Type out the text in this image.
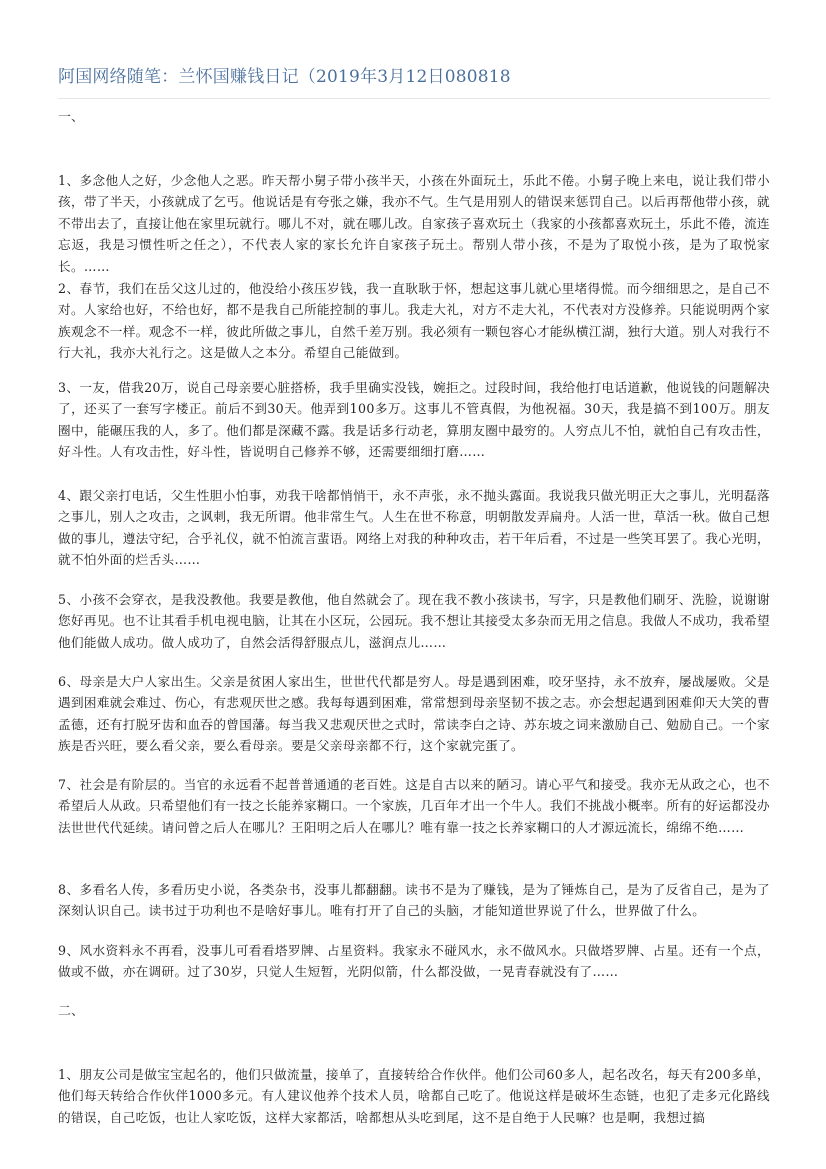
阿国网络随笔：兰怀国赚钱日记（2019年3月12日080818
一、

1、多念他人之好，少念他人之恶。昨天帮小舅子带小孩半天，小孩在外面玩土，乐此不倦。小舅子晚上来电，说让我们带小孩，带了半天，小孩就成了乞丐。他说话是有夸张之嫌，我亦不气。生气是用别人的错误来惩罚自己。以后再帮他带小孩，就不带出去了，直接让他在家里玩就行。哪儿不对，就在哪儿改。自家孩子喜欢玩土（我家的小孩都喜欢玩土，乐此不倦，流连忘返，我是习惯性听之任之），不代表人家的家长允许自家孩子玩土。帮别人带小孩，不是为了取悦小孩，是为了取悦家长。……

2、春节，我们在岳父这儿过的，他没给小孩压岁钱，我一直耿耿于怀，想起这事儿就心里堵得慌。而今细细思之，是自己不对。人家给也好，不给也好，都不是我自己所能控制的事儿。我走大礼，对方不走大礼，不代表对方没修养。只能说明两个家族观念不一样。观念不一样，彼此所做之事儿，自然千差万别。我必须有一颗包容心才能纵横江湖，独行大道。别人对我行不行大礼，我亦大礼行之。这是做人之本分。希望自己能做到。

3、一友，借我20万，说自己母亲要心脏搭桥，我手里确实没钱，婉拒之。过段时间，我给他打电话道歉，他说钱的问题解决了，还买了一套写字楼正。前后不到30天。他弄到100多万。这事儿不管真假，为他祝福。30天，我是搞不到100万。朋友圈中，能碾压我的人，多了。他们都是深藏不露。我是话多行动老，算朋友圈中最穷的。人穷点儿不怕，就怕自己有攻击性，好斗性。人有攻击性，好斗性，皆说明自己修养不够，还需要细细打磨……

4、跟父亲打电话，父生性胆小怕事，劝我干啥都悄悄干，永不声张，永不抛头露面。我说我只做光明正大之事儿，光明磊落之事儿，别人之攻击，之讽刺，我无所谓。他非常生气。人生在世不称意，明朝散发弄扁舟。人活一世，草活一秋。做自己想做的事儿，遵法守纪，合乎礼仪，就不怕流言蜚语。网络上对我的种种攻击，若干年后看，不过是一些笑耳罢了。我心光明，就不怕外面的烂舌头……

5、小孩不会穿衣，是我没教他。我要是教他，他自然就会了。现在我不教小孩读书，写字，只是教他们刷牙、洗脸，说谢谢您好再见。也不让其看手机电视电脑，让其在小区玩，公园玩。我不想让其接受太多杂而无用之信息。我做人不成功，我希望他们能做人成功。做人成功了，自然会活得舒服点儿，滋润点儿……

6、母亲是大户人家出生。父亲是贫困人家出生，世世代代都是穷人。母是遇到困难，咬牙坚持，永不放弃，屡战屡败。父是遇到困难就会难过、伤心，有悲观厌世之感。我每每遇到困难，常常想到母亲坚韧不拔之志。亦会想起遇到困难仰天大笑的曹孟德，还有打脱牙齿和血吞的曾国藩。每当我又悲观厌世之式时，常读李白之诗、苏东坡之词来激励自己、勉励自己。一个家族是否兴旺，要么看父亲，要么看母亲。要是父亲母亲都不行，这个家就完蛋了。

7、社会是有阶层的。当官的永远看不起普普通通的老百姓。这是自古以来的陋习。请心平气和接受。我亦无从政之心，也不希望后人从政。只希望他们有一技之长能养家糊口。一个家族，几百年才出一个牛人。我们不挑战小概率。所有的好运都没办法世世代代延续。请问曾之后人在哪儿？王阳明之后人在哪儿？唯有靠一技之长养家糊口的人才源远流长，绵绵不绝……

8、多看名人传，多看历史小说，各类杂书，没事儿都翻翻。读书不是为了赚钱，是为了锤炼自己，是为了反省自己，是为了深刻认识自己。读书过于功利也不是啥好事儿。唯有打开了自己的头脑，才能知道世界说了什么，世界做了什么。

9、风水资料永不再看，没事儿可看看塔罗牌、占星资料。我家永不碰风水，永不做风水。只做塔罗牌、占星。还有一个点，做或不做，亦在调研。过了30岁，只觉人生短暂，光阴似箭，什么都没做，一晃青春就没有了……

二、

1、朋友公司是做宝宝起名的，他们只做流量，接单了，直接转给合作伙伴。他们公司60多人，起名改名，每天有200多单，他们每天转给合作伙伴1000多元。有人建议他养个技术人员，啥都自己吃了。他说这样是破坏生态链，也犯了走多元化路线的错误，自己吃饭，也让人家吃饭，这样大家都活，啥都想从头吃到尾，这不是自绝于人民嘛？也是啊，我想过搞
